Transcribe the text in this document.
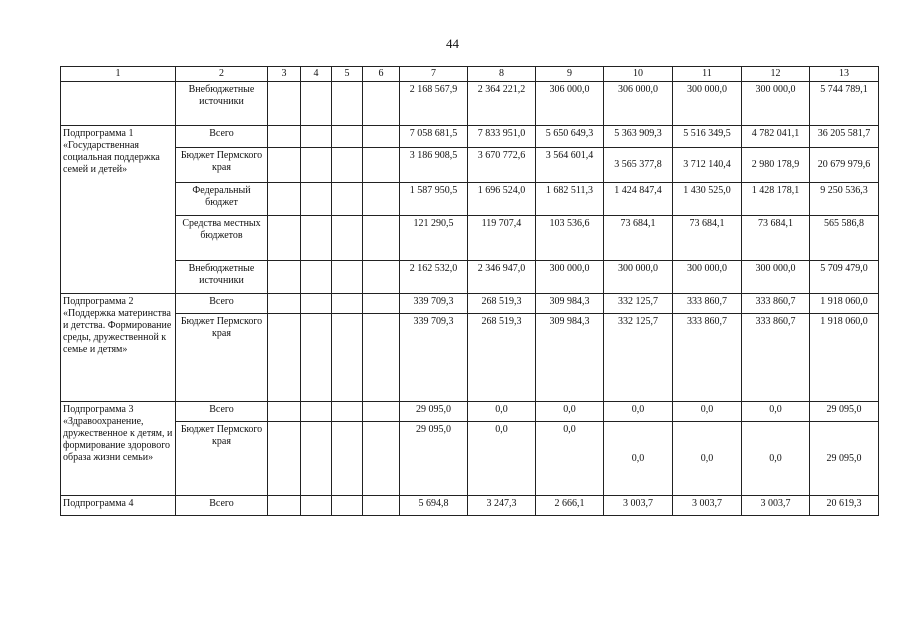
44
1	2	3	4	5	6	7	8	9	10	11	12	13
	Внебюджетные источники					2 168 567,9	2 364 221,2	306 000,0	306 000,0	300 000,0	300 000,0	5 744 789,1
Подпрограмма 1 «Государственная социальная поддержка семей и детей»	Всего					7 058 681,5	7 833 951,0	5 650 649,3	5 363 909,3	5 516 349,5	4 782 041,1	36 205 581,7
	Бюджет Пермского края					3 186 908,5	3 670 772,6	3 564 601,4	3 565 377,8	3 712 140,4	2 980 178,9	20 679 979,6
	Федеральный бюджет					1 587 950,5	1 696 524,0	1 682 511,3	1 424 847,4	1 430 525,0	1 428 178,1	9 250 536,3
	Средства местных бюджетов					121 290,5	119 707,4	103 536,6	73 684,1	73 684,1	73 684,1	565 586,8
	Внебюджетные источники					2 162 532,0	2 346 947,0	300 000,0	300 000,0	300 000,0	300 000,0	5 709 479,0
Подпрограмма 2 «Поддержка материнства и детства. Формирование среды, дружественной к семье и детям»	Всего					339 709,3	268 519,3	309 984,3	332 125,7	333 860,7	333 860,7	1 918 060,0
	Бюджет Пермского края					339 709,3	268 519,3	309 984,3	332 125,7	333 860,7	333 860,7	1 918 060,0
Подпрограмма 3 «Здравоохранение, дружественное к детям, и формирование здорового образа жизни семьи»	Всего					29 095,0	0,0	0,0	0,0	0,0	0,0	29 095,0
	Бюджет Пермского края					29 095,0	0,0	0,0	0,0	0,0	0,0	29 095,0
Подпрограмма 4	Всего					5 694,8	3 247,3	2 666,1	3 003,7	3 003,7	3 003,7	20 619,3
